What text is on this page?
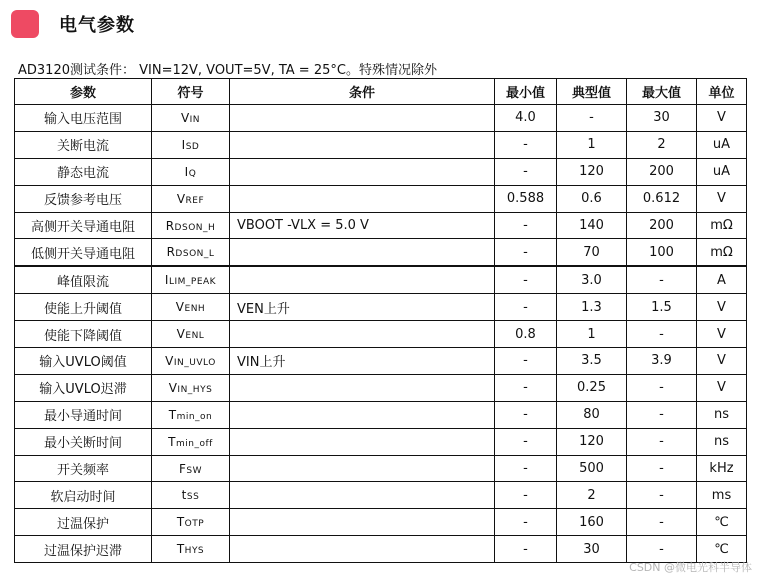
电气参数
AD3120测试条件： VIN=12V, VOUT=5V, TA = 25°C。特殊情况除外
参数	符号	条件	最小值	典型值	最大值	单位
输入电压范围	VIN		4.0	-	30	V
关断电流	ISD		-	1	2	uA
静态电流	IQ		-	120	200	uA
反馈参考电压	VREF		0.588	0.6	0.612	V
高侧开关导通电阻	RDSON_H	VBOOT -VLX = 5.0 V	-	140	200	mΩ
低侧开关导通电阻	RDSON_L		-	70	100	mΩ
峰值限流	ILIM_PEAK		-	3.0	-	A
使能上升阈值	VENH	VEN上升	-	1.3	1.5	V
使能下降阈值	VENL		0.8	1	-	V
输入UVLO阈值	VIN_UVLO	VIN上升	-	3.5	3.9	V
输入UVLO迟滞	VIN_HYS		-	0.25	-	V
最小导通时间	Tmin_on		-	80	-	ns
最小关断时间	Tmin_off		-	120	-	ns
开关频率	FSW		-	500	-	kHz
软启动时间	tSS		-	2	-	ms
过温保护	TOTP		-	160	-	℃
过温保护迟滞	THYS		-	30	-	℃
CSDN @微电光科半导体
